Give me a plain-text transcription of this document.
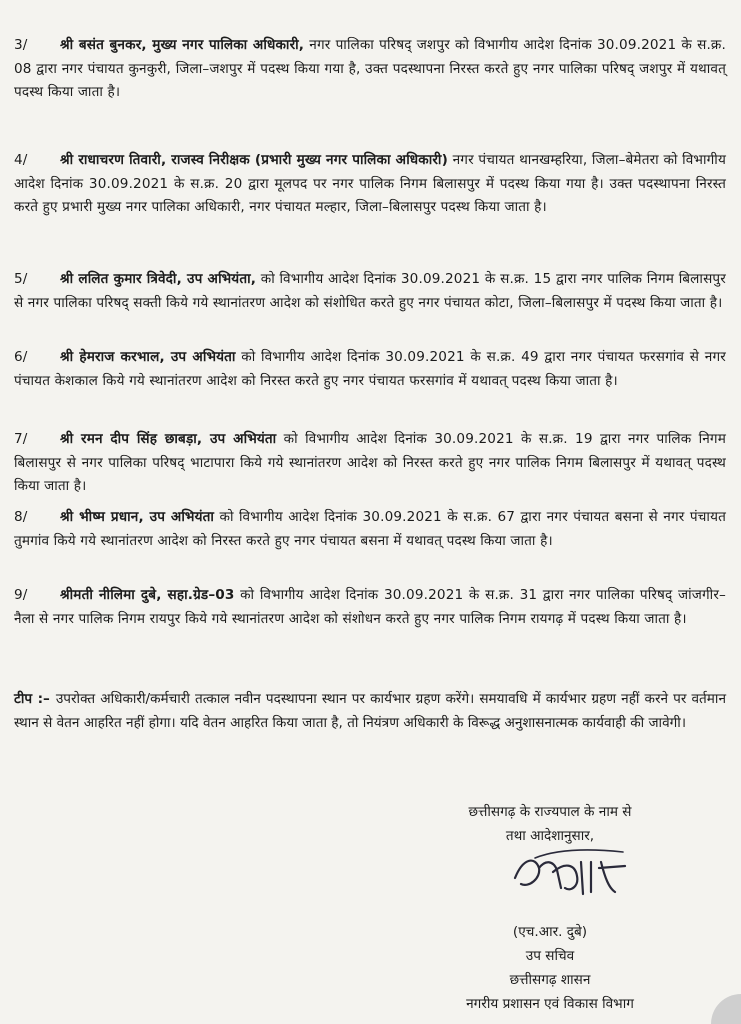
3/ श्री बसंत बुनकर, मुख्य नगर पालिका अधिकारी, नगर पालिका परिषद् जशपुर को विभागीय आदेश दिनांक 30.09.2021 के स.क्र. 08 द्वारा नगर पंचायत कुनकुरी, जिला–जशपुर में पदस्थ किया गया है, उक्त पदस्थापना निरस्त करते हुए नगर पालिका परिषद् जशपुर में यथावत् पदस्थ किया जाता है।
4/ श्री राधाचरण तिवारी, राजस्व निरीक्षक (प्रभारी मुख्य नगर पालिका अधिकारी) नगर पंचायत थानखम्हरिया, जिला–बेमेतरा को विभागीय आदेश दिनांक 30.09.2021 के स.क्र. 20 द्वारा मूलपद पर नगर पालिक निगम बिलासपुर में पदस्थ किया गया है। उक्त पदस्थापना निरस्त करते हुए प्रभारी मुख्य नगर पालिका अधिकारी, नगर पंचायत मल्हार, जिला–बिलासपुर पदस्थ किया जाता है।
5/ श्री ललित कुमार त्रिवेदी, उप अभियंता, को विभागीय आदेश दिनांक 30.09.2021 के स.क्र. 15 द्वारा नगर पालिक निगम बिलासपुर से नगर पालिका परिषद् सक्ती किये गये स्थानांतरण आदेश को संशोधित करते हुए नगर पंचायत कोटा, जिला–बिलासपुर में पदस्थ किया जाता है।
6/ श्री हेमराज करभाल, उप अभियंता को विभागीय आदेश दिनांक 30.09.2021 के स.क्र. 49 द्वारा नगर पंचायत फरसगांव से नगर पंचायत केशकाल किये गये स्थानांतरण आदेश को निरस्त करते हुए नगर पंचायत फरसगांव में यथावत् पदस्थ किया जाता है।
7/ श्री रमन दीप सिंह छाबड़ा, उप अभियंता को विभागीय आदेश दिनांक 30.09.2021 के स.क्र. 19 द्वारा नगर पालिक निगम बिलासपुर से नगर पालिका परिषद् भाटापारा किये गये स्थानांतरण आदेश को निरस्त करते हुए नगर पालिक निगम बिलासपुर में यथावत् पदस्थ किया जाता है।
8/ श्री भीष्म प्रधान, उप अभियंता को विभागीय आदेश दिनांक 30.09.2021 के स.क्र. 67 द्वारा नगर पंचायत बसना से नगर पंचायत तुमगांव किये गये स्थानांतरण आदेश को निरस्त करते हुए नगर पंचायत बसना में यथावत् पदस्थ किया जाता है।
9/ श्रीमती नीलिमा दुबे, सहा.ग्रेड–03 को विभागीय आदेश दिनांक 30.09.2021 के स.क्र. 31 द्वारा नगर पालिका परिषद् जांजगीर–नैला से नगर पालिक निगम रायपुर किये गये स्थानांतरण आदेश को संशोधन करते हुए नगर पालिक निगम रायगढ़ में पदस्थ किया जाता है।
टीप :– उपरोक्त अधिकारी/कर्मचारी तत्काल नवीन पदस्थापना स्थान पर कार्यभार ग्रहण करेंगे। समयावधि में कार्यभार ग्रहण नहीं करने पर वर्तमान स्थान से वेतन आहरित नहीं होगा। यदि वेतन आहरित किया जाता है, तो नियंत्रण अधिकारी के विरूद्ध अनुशासनात्मक कार्यवाही की जावेगी।
छत्तीसगढ़ के राज्यपाल के नाम से
तथा आदेशानुसार,
(एच.आर. दुबे)
उप सचिव
छत्तीसगढ़ शासन
नगरीय प्रशासन एवं विकास विभाग
